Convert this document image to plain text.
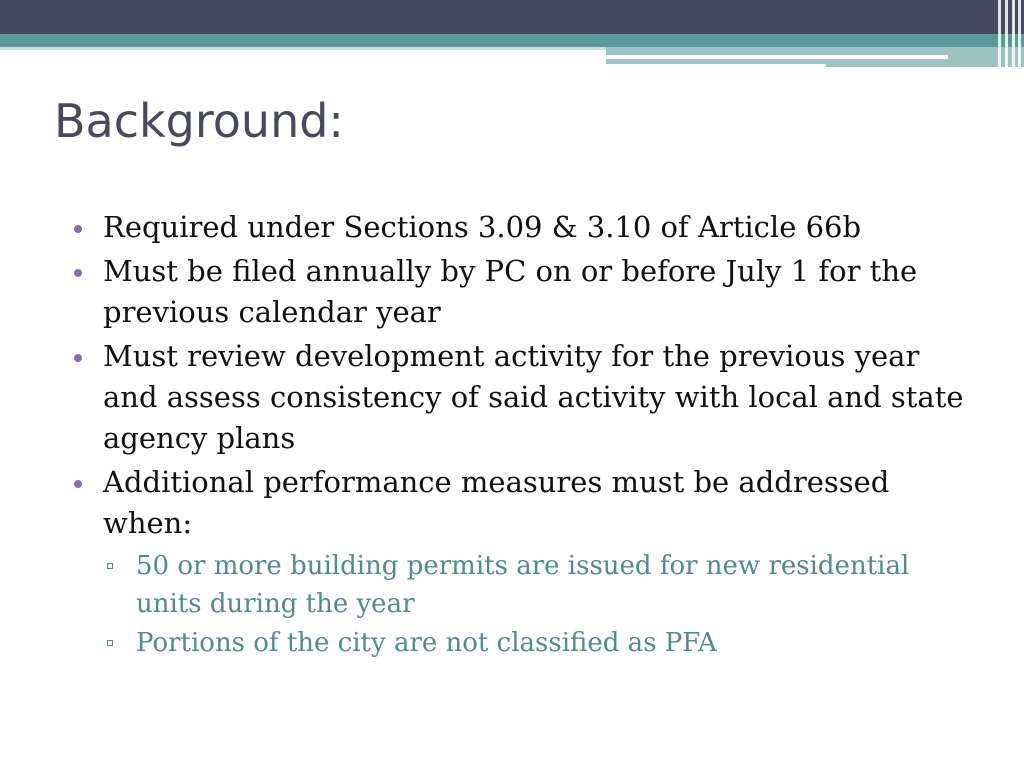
Background:
Required under Sections 3.09 & 3.10 of Article 66b
Must be filed annually by PC on or before July 1 for the previous calendar year
Must review development activity for the previous year and assess consistency of said activity with local and state agency plans
Additional performance measures must be addressed when:
50 or more building permits are issued for new residential units during the year
Portions of the city are not classified as PFA
